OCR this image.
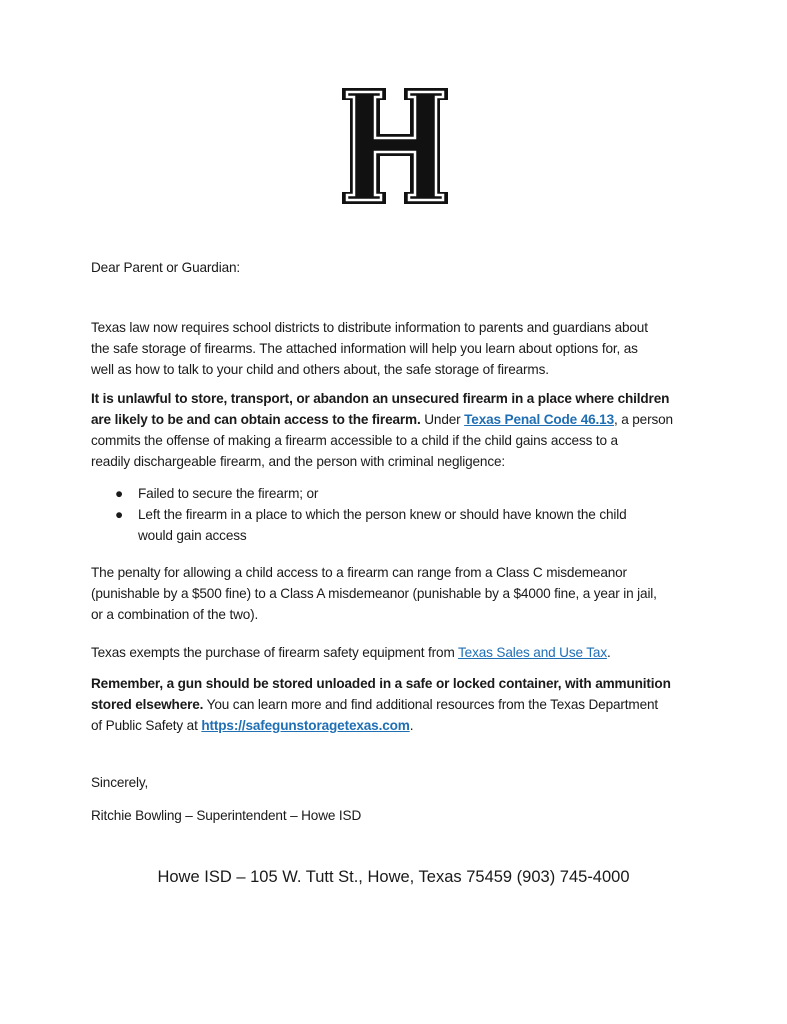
Dear Parent or Guardian:
Texas law now requires school districts to distribute information to parents and guardians about
the safe storage of firearms. The attached information will help you learn about options for, as
well as how to talk to your child and others about, the safe storage of firearms.
It is unlawful to store, transport, or abandon an unsecured firearm in a place where children
are likely to be and can obtain access to the firearm. Under Texas Penal Code 46.13, a person
commits the offense of making a firearm accessible to a child if the child gains access to a
readily dischargeable firearm, and the person with criminal negligence:
● Failed to secure the firearm; or
● Left the firearm in a place to which the person knew or should have known the child
would gain access
The penalty for allowing a child access to a firearm can range from a Class C misdemeanor
(punishable by a $500 fine) to a Class A misdemeanor (punishable by a $4000 fine, a year in jail,
or a combination of the two).
Texas exempts the purchase of firearm safety equipment from Texas Sales and Use Tax.
Remember, a gun should be stored unloaded in a safe or locked container, with ammunition
stored elsewhere. You can learn more and find additional resources from the Texas Department
of Public Safety at https://safegunstoragetexas.com.
Sincerely,
Ritchie Bowling – Superintendent – Howe ISD
Howe ISD – 105 W. Tutt St., Howe, Texas 75459 (903) 745-4000
